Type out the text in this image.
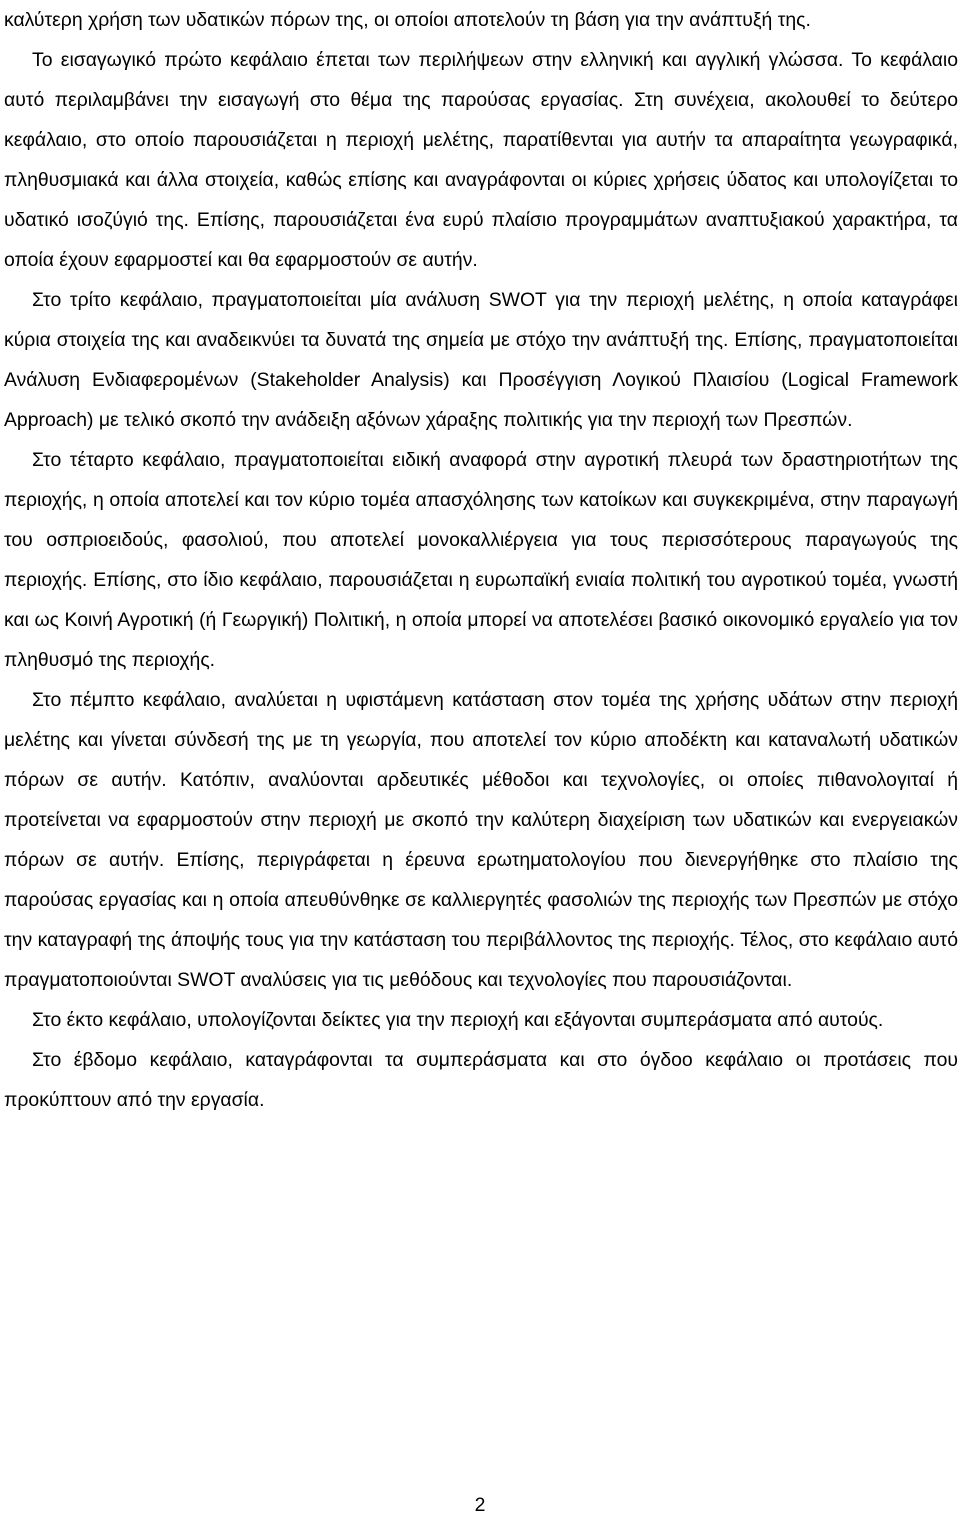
καλύτερη χρήση των υδατικών πόρων της, οι οποίοι αποτελούν τη βάση για την ανάπτυξή της.

Το εισαγωγικό πρώτο κεφάλαιο έπεται των περιλήψεων στην ελληνική και αγγλική γλώσσα. Το κεφάλαιο αυτό περιλαμβάνει την εισαγωγή στο θέμα της παρούσας εργασίας. Στη συνέχεια, ακολουθεί το δεύτερο κεφάλαιο, στο οποίο παρουσιάζεται η περιοχή μελέτης, παρατίθενται για αυτήν τα απαραίτητα γεωγραφικά, πληθυσμιακά και άλλα στοιχεία, καθώς επίσης και αναγράφονται οι κύριες χρήσεις ύδατος και υπολογίζεται το υδατικό ισοζύγιό της. Επίσης, παρουσιάζεται ένα ευρύ πλαίσιο προγραμμάτων αναπτυξιακού χαρακτήρα, τα οποία έχουν εφαρμοστεί και θα εφαρμοστούν σε αυτήν.

Στο τρίτο κεφάλαιο, πραγματοποιείται μία ανάλυση SWOT για την περιοχή μελέτης, η οποία καταγράφει κύρια στοιχεία της και αναδεικνύει τα δυνατά της σημεία με στόχο την ανάπτυξή της. Επίσης, πραγματοποιείται Ανάλυση Ενδιαφερομένων (Stakeholder Analysis) και Προσέγγιση Λογικού Πλαισίου (Logical Framework Approach) με τελικό σκοπό την ανάδειξη αξόνων χάραξης πολιτικής για την περιοχή των Πρεσπών.

Στο τέταρτο κεφάλαιο, πραγματοποιείται ειδική αναφορά στην αγροτική πλευρά των δραστηριοτήτων της περιοχής, η οποία αποτελεί και τον κύριο τομέα απασχόλησης των κατοίκων και συγκεκριμένα, στην παραγωγή του οσπριοειδούς, φασολιού, που αποτελεί μονοκαλλιέργεια για τους περισσότερους παραγωγούς της περιοχής. Επίσης, στο ίδιο κεφάλαιο, παρουσιάζεται η ευρωπαϊκή ενιαία πολιτική του αγροτικού τομέα, γνωστή και ως Κοινή Αγροτική (ή Γεωργική) Πολιτική, η οποία μπορεί να αποτελέσει βασικό οικονομικό εργαλείο για τον πληθυσμό της περιοχής.

Στο πέμπτο κεφάλαιο, αναλύεται η υφιστάμενη κατάσταση στον τομέα της χρήσης υδάτων στην περιοχή μελέτης και γίνεται σύνδεσή της με τη γεωργία, που αποτελεί τον κύριο αποδέκτη και καταναλωτή υδατικών πόρων σε αυτήν. Κατόπιν, αναλύονται αρδευτικές μέθοδοι και τεχνολογίες, οι οποίες πιθανολογιταί ή προτείνεται να εφαρμοστούν στην περιοχή με σκοπό την καλύτερη διαχείριση των υδατικών και ενεργειακών πόρων σε αυτήν. Επίσης, περιγράφεται η έρευνα ερωτηματολογίου που διενεργήθηκε στο πλαίσιο της παρούσας εργασίας και η οποία απευθύνθηκε σε καλλιεργητές φασολιών της περιοχής των Πρεσπών με στόχο την καταγραφή της άποψής τους για την κατάσταση του περιβάλλοντος της περιοχής. Τέλος, στο κεφάλαιο αυτό πραγματοποιούνται SWOT αναλύσεις για τις μεθόδους και τεχνολογίες που παρουσιάζονται.

Στο έκτο κεφάλαιο, υπολογίζονται δείκτες για την περιοχή και εξάγονται συμπεράσματα από αυτούς.

Στο έβδομο κεφάλαιο, καταγράφονται τα συμπεράσματα και στο όγδοο κεφάλαιο οι προτάσεις που προκύπτουν από την εργασία.

2
